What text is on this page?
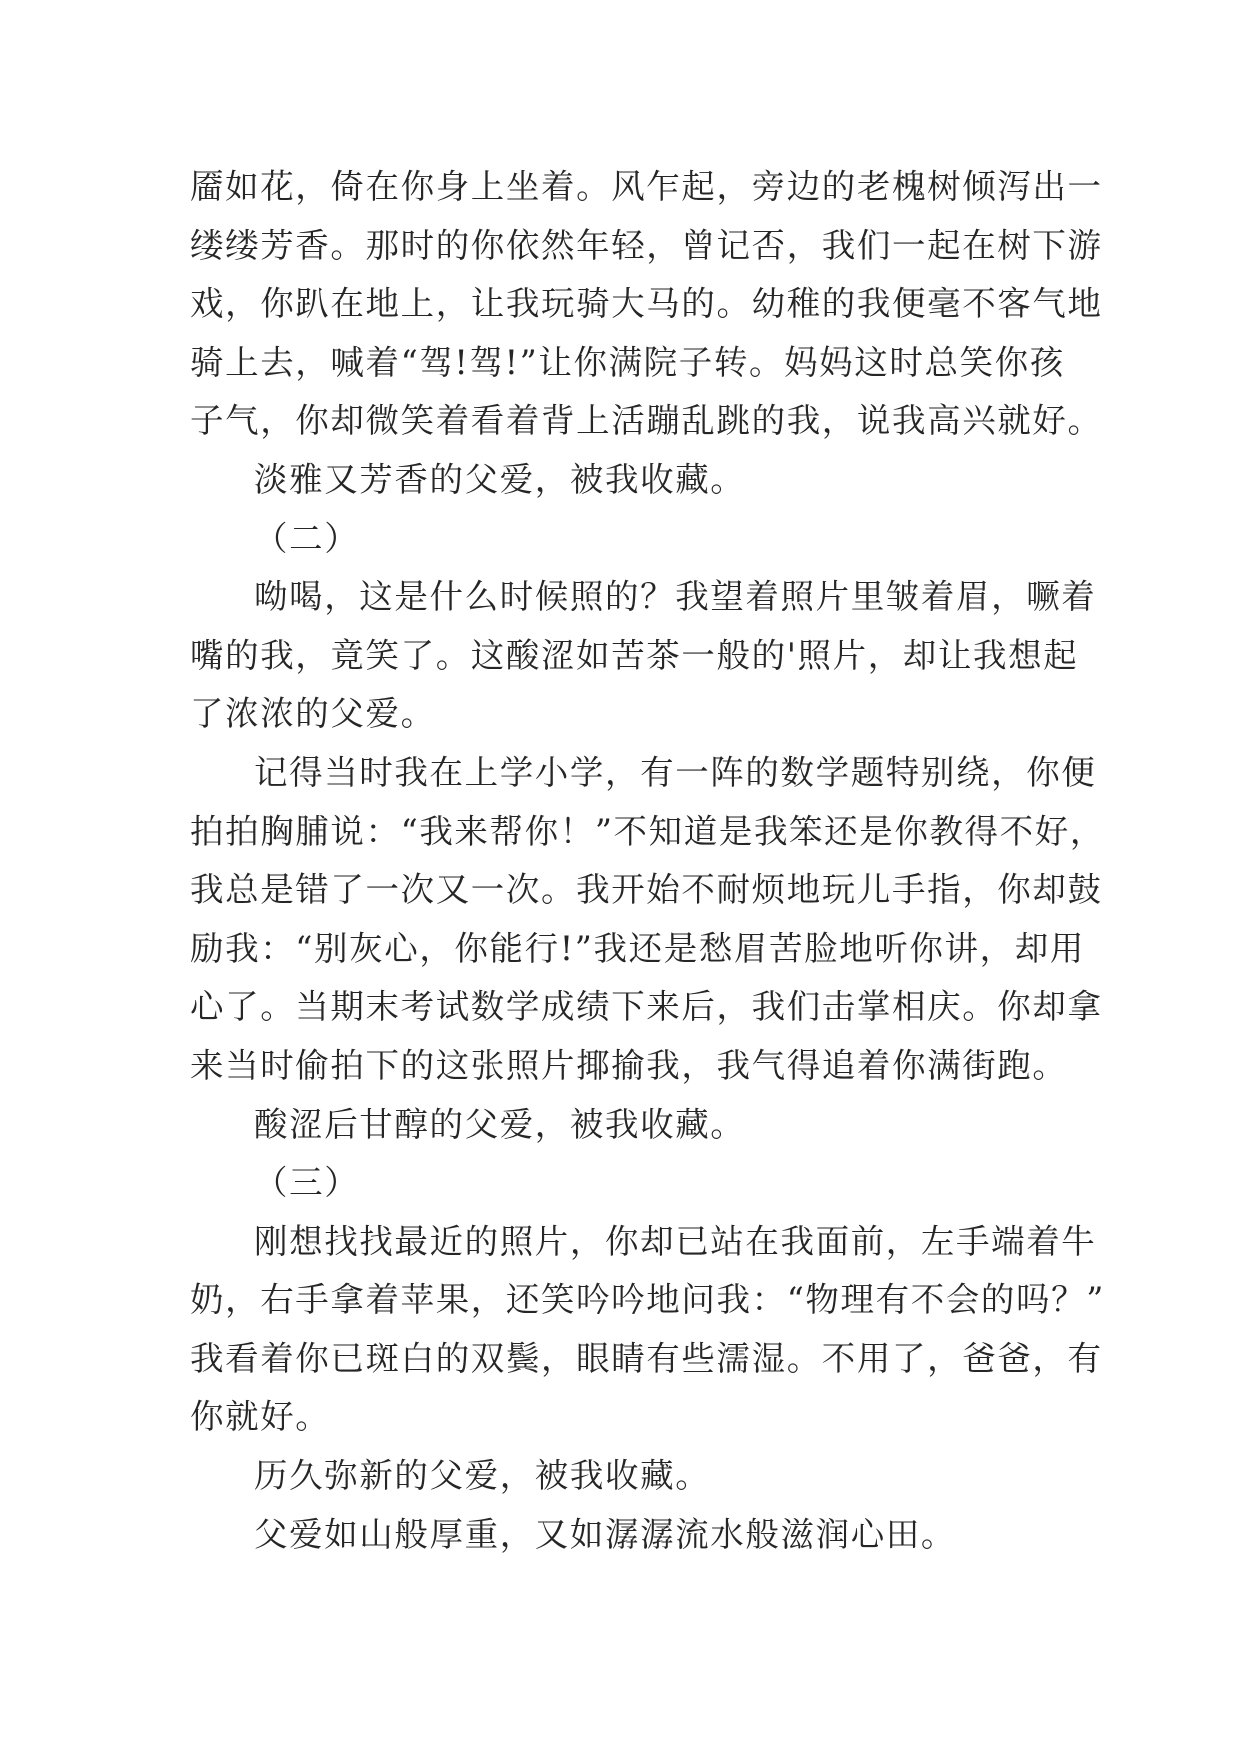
靥如花，倚在你身上坐着。风乍起，旁边的老槐树倾泻出一
缕缕芳香。那时的你依然年轻，曾记否，我们一起在树下游
戏，你趴在地上，让我玩骑大马的。幼稚的我便毫不客气地
骑上去，喊着“驾!驾!”让你满院子转。妈妈这时总笑你孩
子气，你却微笑着看着背上活蹦乱跳的我，说我高兴就好。
淡雅又芳香的父爱，被我收藏。
（二）
呦喝，这是什么时候照的？我望着照片里皱着眉，噘着
嘴的我，竟笑了。这酸涩如苦茶一般的'照片，却让我想起
了浓浓的父爱。
记得当时我在上学小学，有一阵的数学题特别绕，你便
拍拍胸脯说：“我来帮你！”不知道是我笨还是你教得不好，
我总是错了一次又一次。我开始不耐烦地玩儿手指，你却鼓
励我：“别灰心，你能行!”我还是愁眉苦脸地听你讲，却用
心了。当期末考试数学成绩下来后，我们击掌相庆。你却拿
来当时偷拍下的这张照片揶揄我，我气得追着你满街跑。
酸涩后甘醇的父爱，被我收藏。
（三）
刚想找找最近的照片，你却已站在我面前，左手端着牛
奶，右手拿着苹果，还笑吟吟地问我：“物理有不会的吗？”
我看着你已斑白的双鬓，眼睛有些濡湿。不用了，爸爸，有
你就好。
历久弥新的父爱，被我收藏。
父爱如山般厚重，又如潺潺流水般滋润心田。
